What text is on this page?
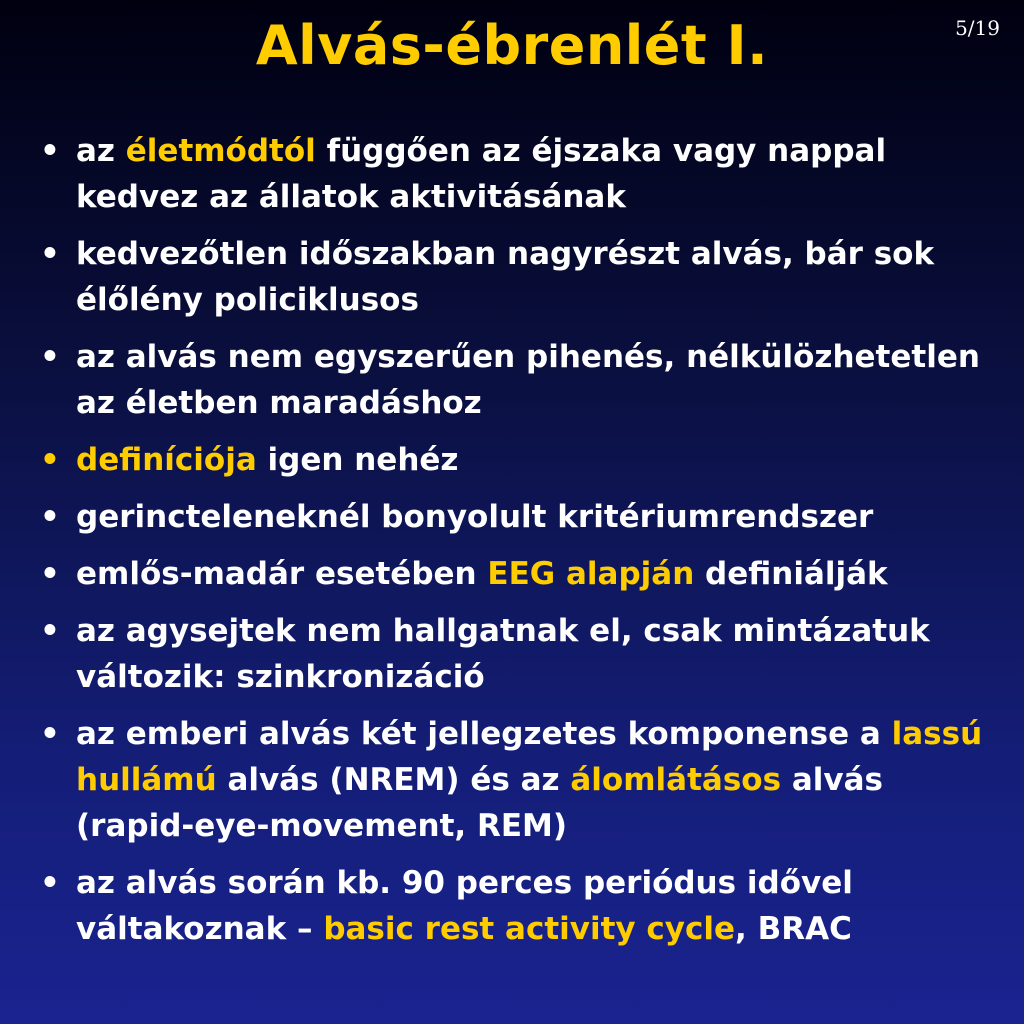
Alvás-ébrenlét I.	5/19
• az életmódtól függően az éjszaka vagy nappal kedvez az állatok aktivitásának
• kedvezőtlen időszakban nagyrészt alvás, bár sok élőlény policiklusos
• az alvás nem egyszerűen pihenés, nélkülözhetetlen az életben maradáshoz
• definíciója igen nehéz
• gerincteleneknél bonyolult kritériumrendszer
• emlős-madár esetében EEG alapján definiálják
• az agysejtek nem hallgatnak el, csak mintázatuk változik: szinkronizáció
• az emberi alvás két jellegzetes komponense a lassú hullámú alvás (NREM) és az álomlátásos alvás (rapid-eye-movement, REM)
• az alvás során kb. 90 perces periódus idővel váltakoznak – basic rest activity cycle, BRAC
